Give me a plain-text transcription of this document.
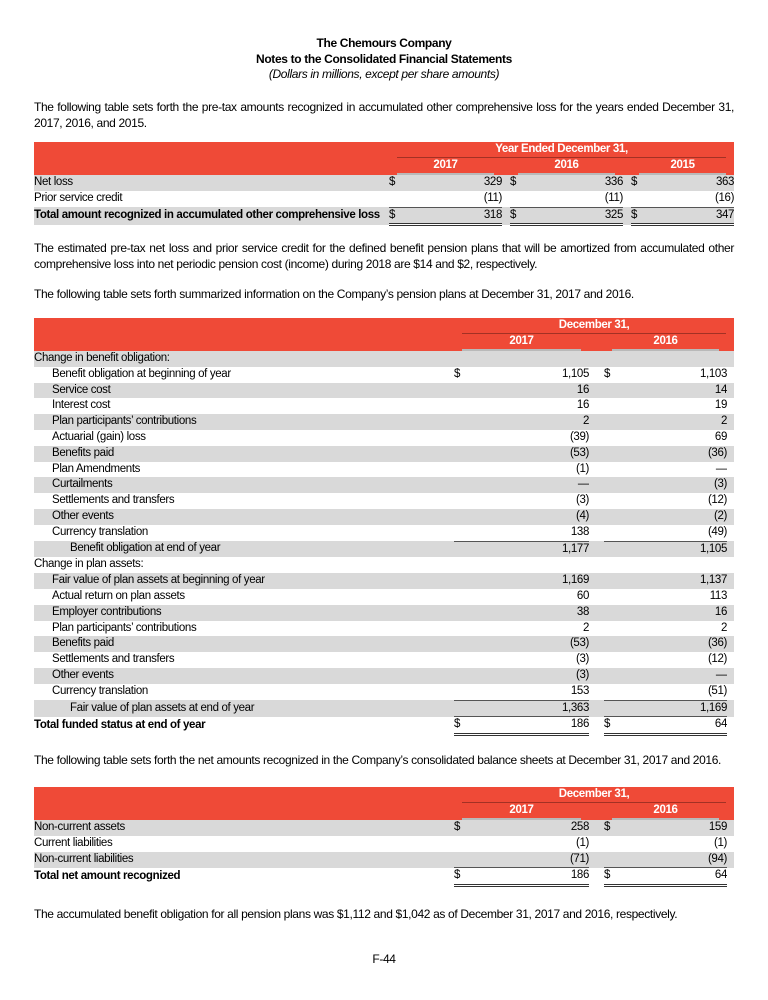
The Chemours Company
Notes to the Consolidated Financial Statements
(Dollars in millions, except per share amounts)
The following table sets forth the pre-tax amounts recognized in accumulated other comprehensive loss for the years ended December 31, 2017, 2016, and 2015.

	Year Ended December 31,							

	2017			2016			2015	

Net loss	$	329		$	336		$	363
Prior service credit		(11)			(11)			(16)
Total amount recognized in accumulated other comprehensive loss	$	318		$	325		$	347
The estimated pre-tax net loss and prior service credit for the defined benefit pension plans that will be amortized from accumulated other comprehensive loss into net periodic pension cost (income) during 2018 are $14 and $2, respectively.
The following table sets forth summarized information on the Company’s pension plans at December 31, 2017 and 2016.

	December 31,					

	2017			2016		

Change in benefit obligation:						
Benefit obligation at beginning of year	$	1,105		$	1,103	
Service cost		16			14	
Interest cost		16			19	
Plan participants’ contributions		2			2	
Actuarial (gain) loss		(39)			69	
Benefits paid		(53)			(36)	
Plan Amendments		(1)			—	
Curtailments		—			(3)	
Settlements and transfers		(3)			(12)	
Other events		(4)			(2)	
Currency translation		138			(49)	
Benefit obligation at end of year		1,177			1,105	
Change in plan assets:						
Fair value of plan assets at beginning of year		1,169			1,137	
Actual return on plan assets		60			113	
Employer contributions		38			16	
Plan participants’ contributions		2			2	
Benefits paid		(53)			(36)	
Settlements and transfers		(3)			(12)	
Other events		(3)			—	
Currency translation		153			(51)	
Fair value of plan assets at end of year		1,363			1,169	
Total funded status at end of year	$	186		$	64	
The following table sets forth the net amounts recognized in the Company’s consolidated balance sheets at December 31, 2017 and 2016.

	December 31,					

	2017			2016		

Non-current assets	$	258		$	159	
Current liabilities		(1)			(1)	
Non-current liabilities		(71)			(94)	
Total net amount recognized	$	186		$	64	
The accumulated benefit obligation for all pension plans was $1,112 and $1,042 as of December 31, 2017 and 2016, respectively.
F-44
